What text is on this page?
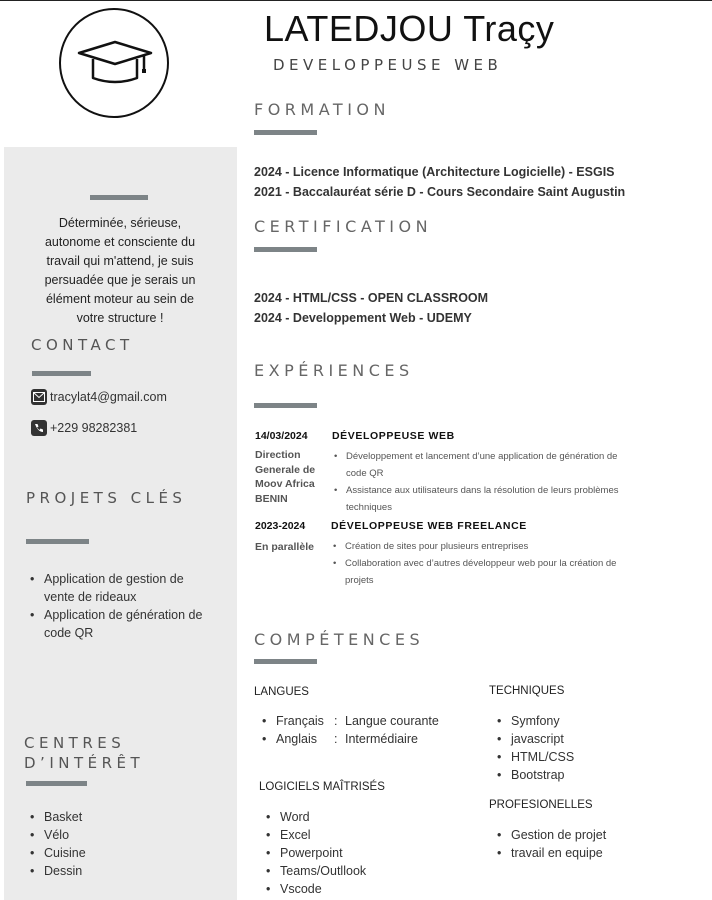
Déterminée, sérieuse, autonome et consciente du travail qui m'attend, je suis persuadée que je serais un élément moteur au sein de votre structure !
CONTACT
tracylat4@gmail.com
+229 98282381
PROJETS CLÉS
• Application de gestion de vente de rideaux
• Application de génération de code QR
CENTRES
D’INTÉRÊT
• Basket
• Vélo
• Cuisine
• Dessin
LATEDJOU Traçy
DEVELOPPEUSE WEB
FORMATION
2024 - Licence Informatique (Architecture Logicielle) - ESGIS
2021 - Baccalauréat série D - Cours Secondaire Saint Augustin
CERTIFICATION
2024 - HTML/CSS - OPEN CLASSROOM
2024 - Developpement Web - UDEMY
EXPÉRIENCES
14/03/2024 DÉVELOPPEUSE WEB
Direction Generale de Moov Africa BENIN
• Développement et lancement d’une application de génération de code QR
• Assistance aux utilisateurs dans la résolution de leurs problèmes techniques
2023-2024 DÉVELOPPEUSE WEB FREELANCE
En parallèle
•	Création de sites pour plusieurs entreprises
• Collaboration avec d’autres développeur web pour la création de projets
COMPÉTENCES
LANGUES
• Français : Langue courante
• Anglais : Intermédiaire
LOGICIELS MAÎTRISÉS
• Word
• Excel
• Powerpoint
• Teams/Outllook
• Vscode
TECHNIQUES
• Symfony
• javascript
• HTML/CSS
• Bootstrap
PROFESIONELLES
• Gestion de projet
• travail en equipe
